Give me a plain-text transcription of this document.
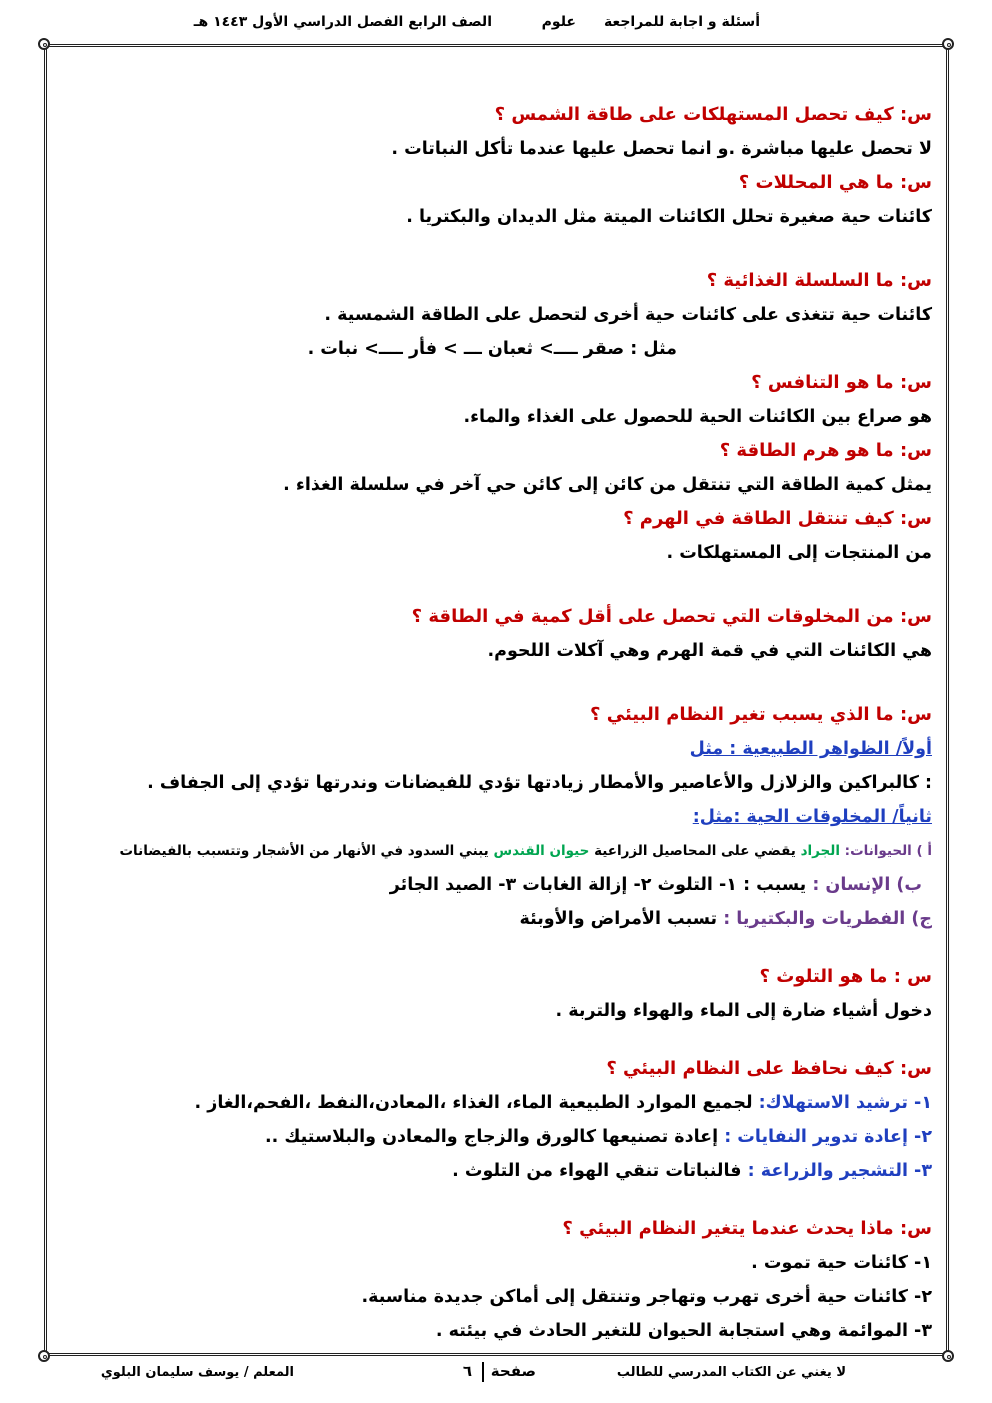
أسئلة و اجابة للمراجعة
علوم
الصف الرابع الفصل الدراسي الأول ١٤٤٣ هـ
س: كيف تحصل المستهلكات على طاقة الشمس ؟
لا تحصل عليها مباشرة .و انما تحصل عليها عندما تأكل النباتات .
س: ما هي المحللات ؟
كائنات حية صغيرة تحلل الكائنات الميتة مثل الديدان والبكتريا .
س: ما السلسلة الغذائية ؟
كائنات حية تتغذى على كائنات حية أخرى لتحصل على الطاقة الشمسية .
مثل : صقر ــــ> ثعبان ـــ > فأر ــــ> نبات .
س: ما هو التنافس ؟
هو صراع بين الكائنات الحية للحصول على الغذاء والماء.
س: ما هو هرم الطاقة ؟
يمثل كمية الطاقة التي تنتقل من كائن إلى كائن حي آخر في سلسلة الغذاء .
س: كيف تنتقل الطاقة في الهرم ؟
من المنتجات إلى المستهلكات .
س: من المخلوقات التي تحصل على أقل كمية في الطاقة ؟
هي الكائنات التي في قمة الهرم وهي آكلات اللحوم.
س: ما الذي يسبب تغير النظام البيئي ؟
أولاً/ الظواهر الطبيعية : مثل
: كالبراكين والزلازل والأعاصير والأمطار زيادتها تؤدي للفيضانات وندرتها تؤدي إلى الجفاف .
ثانياً/ المخلوقات الحية :مثل:
أ ) الحيوانات: الجراد يقضي على المحاصيل الزراعية حيوان القندس يبني السدود في الأنهار من الأشجار وتتسبب بالفيضانات
ب) الإنسان : يسبب : ١- التلوث ٢- إزالة الغابات ٣- الصيد الجائر
ج) الفطريات والبكتيريا : تسبب الأمراض والأوبئة
س : ما هو التلوث ؟
دخول أشياء ضارة إلى الماء والهواء والتربة .
س: كيف نحافظ على النظام البيئي ؟
١- ترشيد الاستهلاك: لجميع الموارد الطبيعية الماء، الغذاء ،المعادن،النفط ،الفحم،الغاز .
٢- إعادة تدوير النفايات : إعادة تصنيعها كالورق والزجاج والمعادن والبلاستيك ..
٣- التشجير والزراعة : فالنباتات تنقي الهواء من التلوث .
س: ماذا يحدث عندما يتغير النظام البيئي ؟
١- كائنات حية تموت .
٢- كائنات حية أخرى تهرب وتهاجر وتنتقل إلى أماكن جديدة مناسبة.
٣- الموائمة وهي استجابة الحيوان للتغير الحادث في بيئته .
لا يغني عن الكتاب المدرسي للطالب
صفحة
٦
المعلم / يوسف سليمان البلوي
